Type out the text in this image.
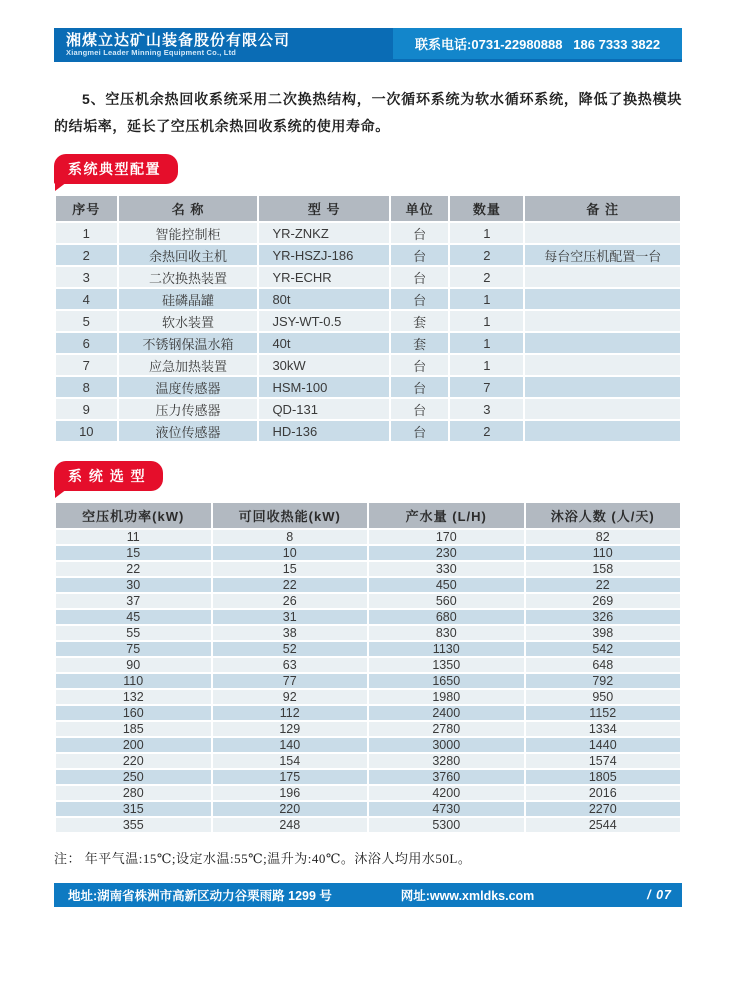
湘煤立达矿山装备股份有限公司
Xiangmei Leader Minning Equipment Co., Ltd
联系电话:0731-22980888   186 7333 3822

5、空压机余热回收系统采用二次换热结构，一次循环系统为软水循环系统，降低了换热模块的结垢率，延长了空压机余热回收系统的使用寿命。

系统典型配置
序号	名 称	型 号	单位	数量	备 注
1	智能控制柜	YR-ZNKZ	台	1	
2	余热回收主机	YR-HSZJ-186	台	2	每台空压机配置一台
3	二次换热装置	YR-ECHR	台	2	
4	硅磷晶罐	80t	台	1	
5	软水装置	JSY-WT-0.5	套	1	
6	不锈钢保温水箱	40t	套	1	
7	应急加热装置	30kW	台	1	
8	温度传感器	HSM-100	台	7	
9	压力传感器	QD-131	台	3	
10	液位传感器	HD-136	台	2	
系 统 选 型
空压机功率(kW)	可回收热能(kW)	产水量 (L/H)	沐浴人数 (人/天)
11	8	170	82
15	10	230	110
22	15	330	158
30	22	450	22
37	26	560	269
45	31	680	326
55	38	830	398
75	52	1130	542
90	63	1350	648
110	77	1650	792
132	92	1980	950
160	112	2400	1152
185	129	2780	1334
200	140	3000	1440
220	154	3280	1574
250	175	3760	1805
280	196	4200	2016
315	220	4730	2270
355	248	5300	2544

注： 年平气温:15℃;设定水温:55℃;温升为:40℃。沐浴人均用水50L。

地址:湖南省株洲市高新区动力谷栗雨路 1299 号	网址:www.xmldks.com	/ 07
